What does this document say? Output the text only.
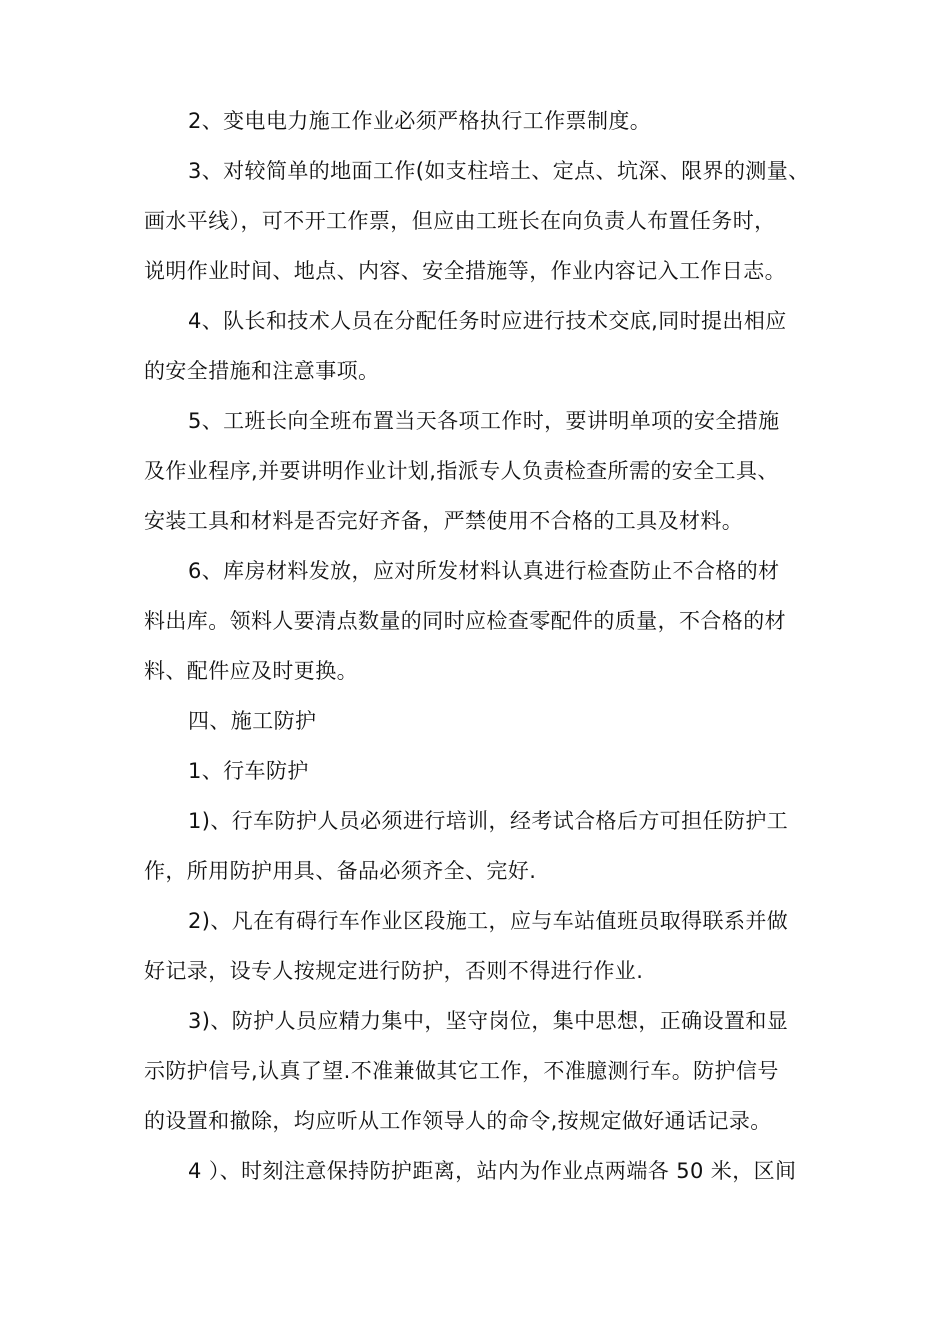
2、变电电力施工作业必须严格执行工作票制度。
3、对较简单的地面工作(如支柱培土、定点、坑深、限界的测量、
画水平线），可不开工作票，但应由工班长在向负责人布置任务时，
说明作业时间、地点、内容、安全措施等，作业内容记入工作日志。
4、队长和技术人员在分配任务时应进行技术交底,同时提出相应
的安全措施和注意事项。
5、工班长向全班布置当天各项工作时，要讲明单项的安全措施
及作业程序,并要讲明作业计划,指派专人负责检查所需的安全工具、
安装工具和材料是否完好齐备，严禁使用不合格的工具及材料。
6、库房材料发放，应对所发材料认真进行检查防止不合格的材
料出库。领料人要清点数量的同时应检查零配件的质量，不合格的材
料、配件应及时更换。
四、施工防护
1、行车防护
1)、行车防护人员必须进行培训，经考试合格后方可担任防护工
作，所用防护用具、备品必须齐全、完好.
2)、凡在有碍行车作业区段施工，应与车站值班员取得联系并做
好记录，设专人按规定进行防护，否则不得进行作业.
3)、防护人员应精力集中，坚守岗位，集中思想，正确设置和显
示防护信号,认真了望.不准兼做其它工作，不准臆测行车。防护信号
的设置和撤除，均应听从工作领导人的命令,按规定做好通话记录。
4 ）、时刻注意保持防护距离，站内为作业点两端各 50 米，区间
